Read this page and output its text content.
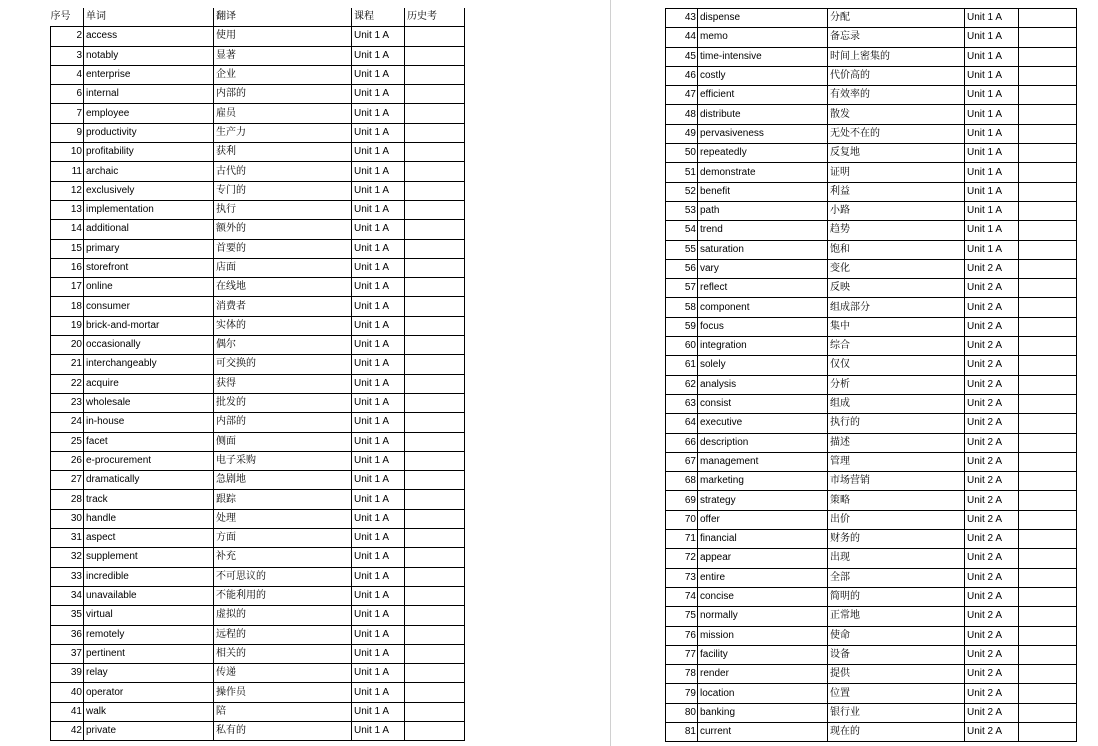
序号	单词	翻译	课程	历史考
2	access	使用	Unit 1 A	
3	notably	显著	Unit 1 A	
4	enterprise	企业	Unit 1 A	
6	internal	内部的	Unit 1 A	
7	employee	雇员	Unit 1 A	
9	productivity	生产力	Unit 1 A	
10	profitability	获利	Unit 1 A	
11	archaic	古代的	Unit 1 A	
12	exclusively	专门的	Unit 1 A	
13	implementation	执行	Unit 1 A	
14	additional	额外的	Unit 1 A	
15	primary	首要的	Unit 1 A	
16	storefront	店面	Unit 1 A	
17	online	在线地	Unit 1 A	
18	consumer	消费者	Unit 1 A	
19	brick-and-mortar	实体的	Unit 1 A	
20	occasionally	偶尔	Unit 1 A	
21	interchangeably	可交换的	Unit 1 A	
22	acquire	获得	Unit 1 A	
23	wholesale	批发的	Unit 1 A	
24	in-house	内部的	Unit 1 A	
25	facet	侧面	Unit 1 A	
26	e-procurement	电子采购	Unit 1 A	
27	dramatically	急剧地	Unit 1 A	
28	track	跟踪	Unit 1 A	
30	handle	处理	Unit 1 A	
31	aspect	方面	Unit 1 A	
32	supplement	补充	Unit 1 A	
33	incredible	不可思议的	Unit 1 A	
34	unavailable	不能利用的	Unit 1 A	
35	virtual	虚拟的	Unit 1 A	
36	remotely	远程的	Unit 1 A	
37	pertinent	相关的	Unit 1 A	
39	relay	传递	Unit 1 A	
40	operator	操作员	Unit 1 A	
41	walk	陪	Unit 1 A	
42	private	私有的	Unit 1 A	
43	dispense	分配	Unit 1 A	
44	memo	备忘录	Unit 1 A	
45	time-intensive	时间上密集的	Unit 1 A	
46	costly	代价高的	Unit 1 A	
47	efficient	有效率的	Unit 1 A	
48	distribute	散发	Unit 1 A	
49	pervasiveness	无处不在的	Unit 1 A	
50	repeatedly	反复地	Unit 1 A	
51	demonstrate	证明	Unit 1 A	
52	benefit	利益	Unit 1 A	
53	path	小路	Unit 1 A	
54	trend	趋势	Unit 1 A	
55	saturation	饱和	Unit 1 A	
56	vary	变化	Unit 2 A	
57	reflect	反映	Unit 2 A	
58	component	组成部分	Unit 2 A	
59	focus	集中	Unit 2 A	
60	integration	综合	Unit 2 A	
61	solely	仅仅	Unit 2 A	
62	analysis	分析	Unit 2 A	
63	consist	组成	Unit 2 A	
64	executive	执行的	Unit 2 A	
66	description	描述	Unit 2 A	
67	management	管理	Unit 2 A	
68	marketing	市场营销	Unit 2 A	
69	strategy	策略	Unit 2 A	
70	offer	出价	Unit 2 A	
71	financial	财务的	Unit 2 A	
72	appear	出现	Unit 2 A	
73	entire	全部	Unit 2 A	
74	concise	简明的	Unit 2 A	
75	normally	正常地	Unit 2 A	
76	mission	使命	Unit 2 A	
77	facility	设备	Unit 2 A	
78	render	提供	Unit 2 A	
79	location	位置	Unit 2 A	
80	banking	银行业	Unit 2 A	
81	current	现在的	Unit 2 A	
